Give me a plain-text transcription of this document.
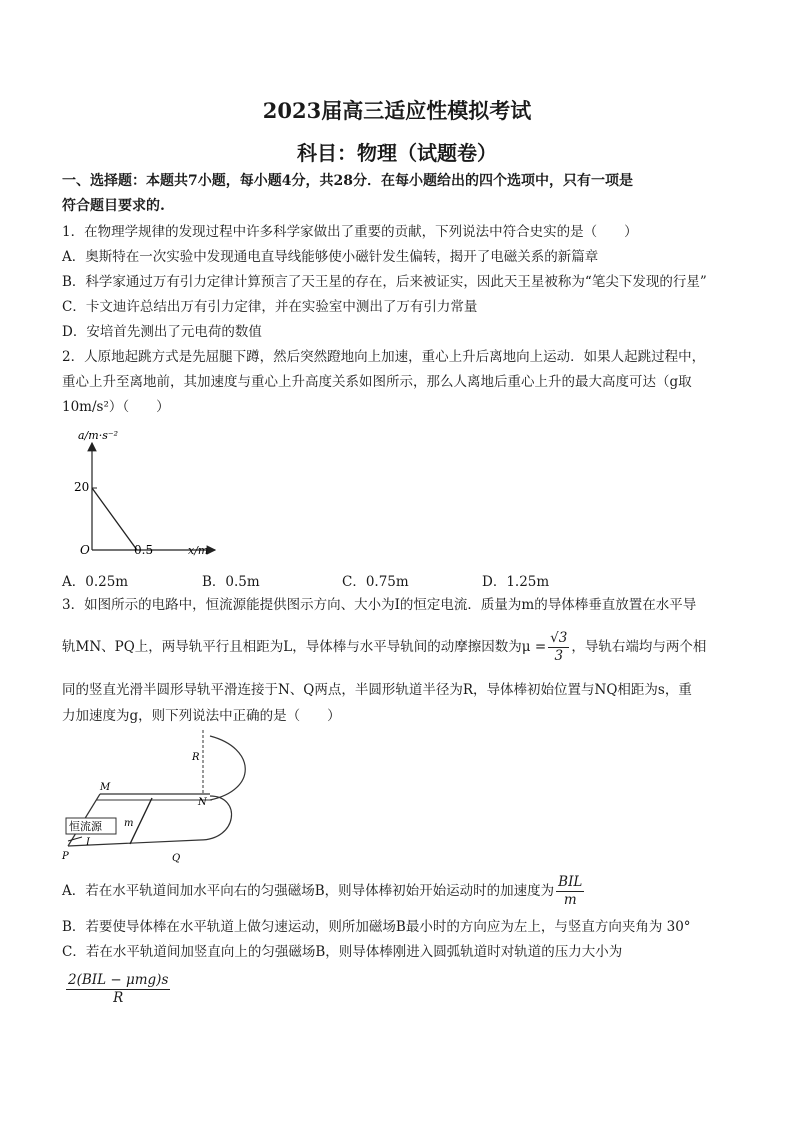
2023届高三适应性模拟考试
科目：物理（试题卷）
一、选择题：本题共7小题，每小题4分，共28分．在每小题给出的四个选项中，只有一项是
符合题目要求的.
1．在物理学规律的发现过程中许多科学家做出了重要的贡献，下列说法中符合史实的是（　　）
A．奥斯特在一次实验中发现通电直导线能够使小磁针发生偏转，揭开了电磁关系的新篇章
B．科学家通过万有引力定律计算预言了天王星的存在，后来被证实，因此天王星被称为“笔尖下发现的行星”
C．卡文迪许总结出万有引力定律，并在实验室中测出了万有引力常量
D．安培首先测出了元电荷的数值
2．人原地起跳方式是先屈腿下蹲，然后突然蹬地向上加速，重心上升后离地向上运动．如果人起跳过程中，
重心上升至离地前，其加速度与重心上升高度关系如图所示，那么人离地后重心上升的最大高度可达（g取
10m/s²）（　　）
a/m·s⁻²
20
O	0.5	x/m
A．0.25m	B．0.5m	C．0.75m	D．1.25m
3．如图所示的电路中，恒流源能提供图示方向、大小为I的恒定电流．质量为m的导体棒垂直放置在水平导
轨MN、PQ上，两导轨平行且相距为L，导体棒与水平导轨间的动摩擦因数为$\mu = \frac{√3}{3}$ ，导轨右端均与两个相
同的竖直光滑半圆形导轨平滑连接于N、Q两点，半圆形轨道半径为R，导体棒初始位置与NQ相距为s，重
力加速度为g，则下列说法中正确的是（　　）
恒流源
I
M
N
P	Q
m
R
A．若在水平轨道间加水平向右的匀强磁场B，则导体棒初始开始运动时的加速度为 $\frac{\text{BIL}}{m}$
B．若要使导体棒在水平轨道上做匀速运动，则所加磁场B最小时的方向应为左上，与竖直方向夹角为 30°
C．若在水平轨道间加竖直向上的匀强磁场B，则导体棒刚进入圆弧轨道时对轨道的压力大小为
$\frac{\text{2(BIL − μmg)s}}{R}$
